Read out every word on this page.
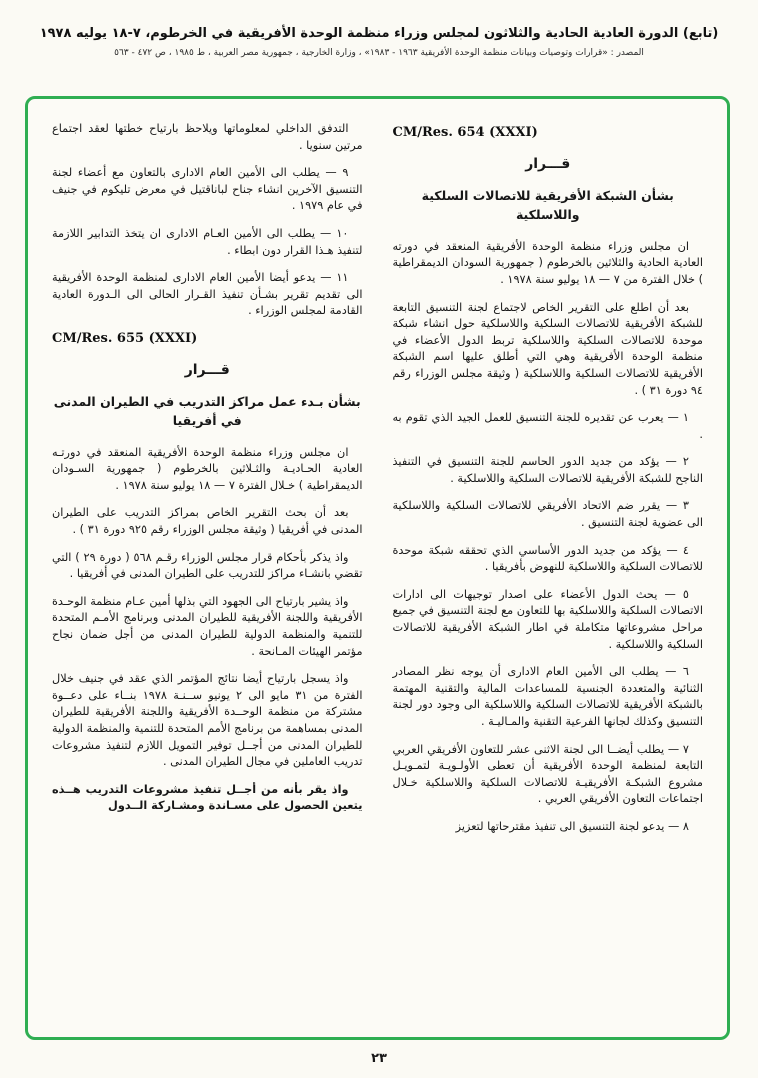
(تابع) الدورة العادية الحادية والثلاثون لمجلس وزراء منظمة الوحدة الأفريقية في الخرطوم، ٧-١٨ يوليه ١٩٧٨
المصدر : «قرارات وتوصيات وبيانات منظمة الوحدة الأفريقية ١٩٦٣ - ١٩٨٣» ، وزارة الخارجية ، جمهورية مصر العربية ، ط ١٩٨٥ ، ص ٤٧٢ - ٥٦٣
CM/Res. 654 (XXXI)
قـــرار
بشأن الشبكة الأفريقية للاتصالات السلكية واللاسلكية
ان مجلس وزراء منظمة الوحدة الأفريقية المنعقد في دورته العادية الحادية والثلاثين بالخرطوم ( جمهورية السودان الديمقراطية ) خلال الفترة من ٧ — ١٨ يوليو سنة ١٩٧٨ .
بعد أن اطلع على التقرير الخاص لاجتماع لجنة التنسيق التابعة للشبكة الأفريقية للاتصالات السلكية واللاسلكية حول انشاء شبكة موحدة للاتصالات السلكية واللاسلكية تربط الدول الأعضاء في منظمة الوحدة الأفريقية وهي التي أطلق عليها اسم الشبكة الأفريقية للاتصالات السلكية واللاسلكية ( وثيقة مجلس الوزراء رقم ٩٤ دورة ٣١ ) .
١ — يعرب عن تقديره للجنة التنسيق للعمل الجيد الذي تقوم به .
٢ — يؤكد من جديد الدور الحاسم للجنة التنسيق في التنفيذ الناجح للشبكة الأفريقية للاتصالات السلكية واللاسلكية .
٣ — يقرر ضم الاتحاد الأفريقي للاتصالات السلكية واللاسلكية الى عضوية لجنة التنسيق .
٤ — يؤكد من جديد الدور الأساسي الذي تحققه شبكة موحدة للاتصالات السلكية واللاسلكية للنهوض بأفريقيا .
٥ — يحث الدول الأعضاء على اصدار توجيهات الى ادارات الاتصالات السلكية واللاسلكية بها للتعاون مع لجنة التنسيق في جميع مراحل مشروعاتها متكاملة في اطار الشبكة الأفريقية للاتصالات السلكية واللاسلكية .
٦ — يطلب الى الأمين العام الادارى أن يوجه نظر المصادر الثنائية والمتعددة الجنسية للمساعدات المالية والتقنية المهتمة بالشبكة الأفريقية للاتصالات السلكية واللاسلكية الى وجود دور لجنة التنسيق وكذلك لجانها الفرعية التقنية والمـاليـة .
٧ — يطلب أيضــا الى لجنة الاثنى عشر للتعاون الأفريقي العربي التابعة لمنظمة الوحدة الأفريقية أن تعطى الأولـويـة لتمـويـل مشروع الشبكـة الأفريقيـة للاتصالات السلكية واللاسلكية خـلال اجتماعات التعاون الأفريقي العربي .
٨ — يدعو لجنة التنسيق الى تنفيذ مقترحاتها لتعزيز
التدفق الداخلي لمعلوماتها ويلاحظ بارتياح خطتها لعقد اجتماع مرتين سنويا .
٩ — يطلب الى الأمين العام الادارى بالتعاون مع أعضاء لجنة التنسيق الآخرين انشاء جناح لباناقتيل في معرض تليكوم في جنيف في عام ١٩٧٩ .
١٠ — يطلب الى الأمين العـام الادارى ان يتخذ التدابير اللازمة لتنفيذ هـذا القرار دون ابطاء .
١١ — يدعو أيضا الأمين العام الادارى لمنظمة الوحدة الأفريقية الى تقديم تقرير بشـأن تنفيذ القـرار الحالى الى الـدورة العادية القادمة لمجلس الوزراء .
CM/Res. 655 (XXXI)
قـــرار
بشأن بـدء عمل مراكز التدريب في الطيران المدنى في أفريقيا
ان مجلس وزراء منظمة الوحدة الأفريقية المنعقد في دورتـه العادية الحـاديـة والثـلاثين بالخرطوم ( جمهورية السـودان الديمقراطية ) خـلال الفترة ٧ — ١٨ يوليو سنة ١٩٧٨ .
بعد أن بحث التقرير الخاص بمراكز التدريب على الطيران المدنى في أفريقيا ( وثيقة مجلس الوزراء رقم ٩٢٥ دورة ٣١ ) .
واذ يذكر بأحكام قرار مجلس الوزراء رقـم ٥٦٨ ( دورة ٢٩ ) التي تقضي بانشـاء مراكز للتدريب على الطيران المدنى في أفريقيا .
واذ يشير بارتياح الى الجهود التي بذلها أمين عـام منظمة الوحـدة الأفريقية واللجنة الأفريقية للطيران المدنى وبرنامج الأمـم المتحدة للتنمية والمنظمة الدولية للطيران المدنى من أجل ضمان نجاح مؤتمر الهيئات المـانحة .
واذ يسجل بارتياح أيضا نتائج المؤتمر الذي عقد في جنيف خلال الفترة من ٣١ مايو الى ٢ يونيو ســنـة ١٩٧٨ بنــاء على دعــوة مشتركة من منظمة الوحــدة الأفريقية واللجنة الأفريقية للطيران المدنى بمساهمة من برنامج الأمم المتحدة للتنمية والمنظمة الدولية للطيران المدنى من أجــل توفير التمويل اللازم لتنفيذ مشروعات تدريب العاملين في مجال الطيران المدنى .
واذ يقر بأنه من أجــل تنفيذ مشروعات التدريب هــذه يتعين الحصول على مسـاندة ومشـاركة الــدول
٢٣
